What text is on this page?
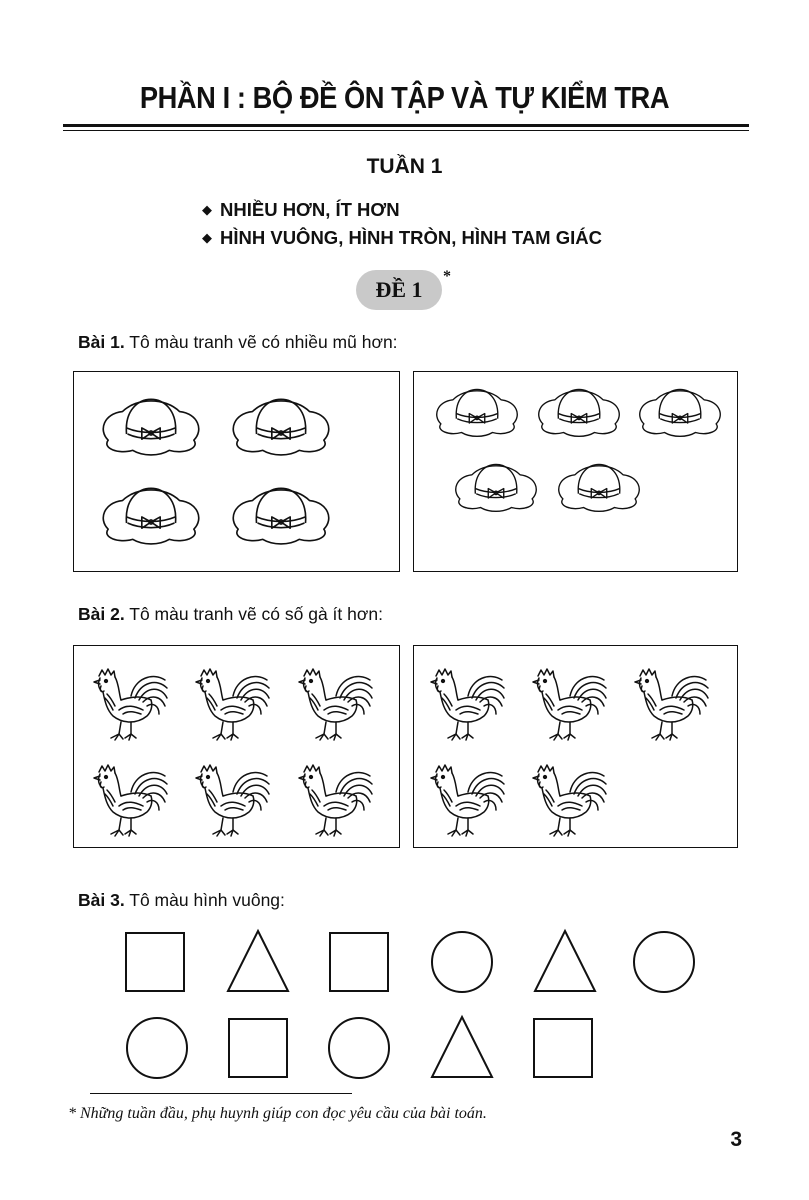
PHẦN I : BỘ ĐỀ ÔN TẬP VÀ TỰ KIỂM TRA
TUẦN 1
◆ NHIỀU HƠN, ÍT HƠN
◆ HÌNH VUÔNG, HÌNH TRÒN, HÌNH TAM GIÁC
ĐỀ 1
*
Bài 1. Tô màu tranh vẽ có nhiều mũ hơn:
Bài 2. Tô màu tranh vẽ có số gà ít hơn:
Bài 3. Tô màu hình vuông:
* Những tuần đầu, phụ huynh giúp con đọc yêu cầu của bài toán.
3
